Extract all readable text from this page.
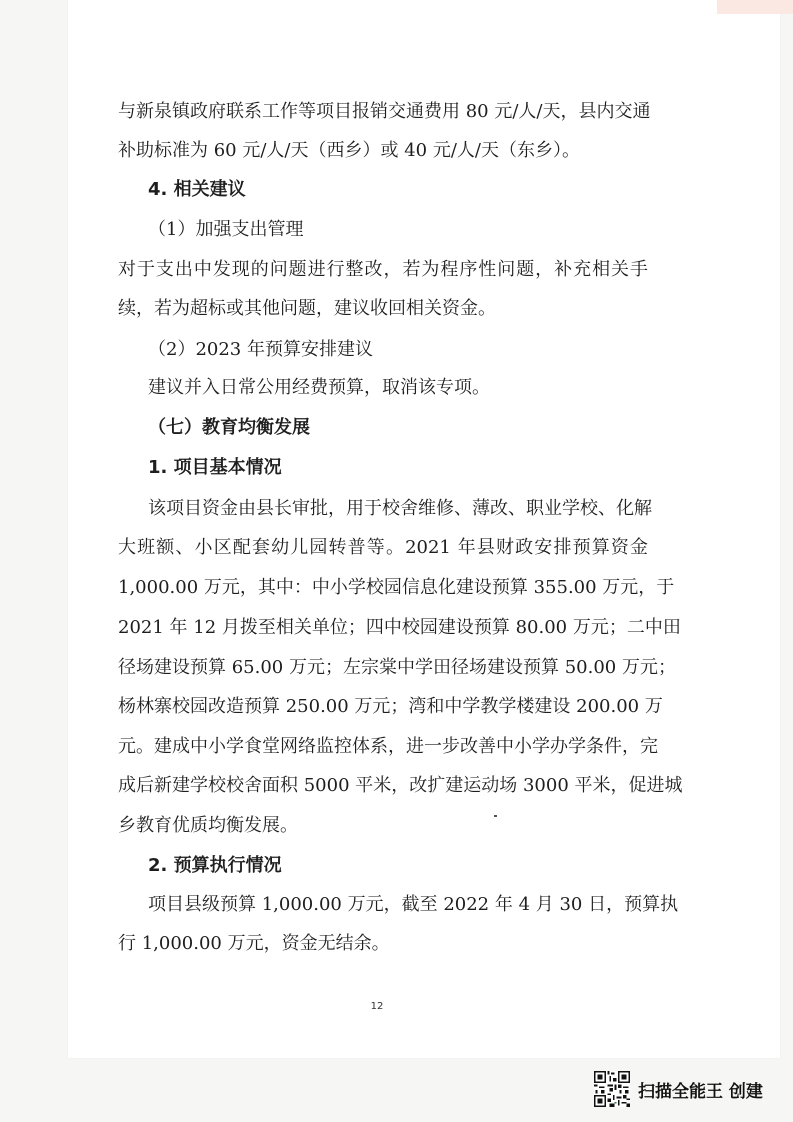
与新泉镇政府联系工作等项目报销交通费用 80 元/人/天，县内交通
补助标准为 60 元/人/天（西乡）或 40 元/人/天（东乡）。
4. 相关建议
（1）加强支出管理
对于支出中发现的问题进行整改，若为程序性问题，补充相关手
续，若为超标或其他问题，建议收回相关资金。
（2）2023 年预算安排建议
建议并入日常公用经费预算，取消该专项。
（七）教育均衡发展
1. 项目基本情况
该项目资金由县长审批，用于校舍维修、薄改、职业学校、化解
大班额、小区配套幼儿园转普等。2021 年县财政安排预算资金
1,000.00 万元，其中：中小学校园信息化建设预算 355.00 万元，于
2021 年 12 月拨至相关单位；四中校园建设预算 80.00 万元；二中田
径场建设预算 65.00 万元；左宗棠中学田径场建设预算 50.00 万元；
杨林寨校园改造预算 250.00 万元；湾和中学教学楼建设 200.00 万
元。建成中小学食堂网络监控体系，进一步改善中小学办学条件，完
成后新建学校校舍面积 5000 平米，改扩建运动场 3000 平米，促进城
乡教育优质均衡发展。
2. 预算执行情况
项目县级预算 1,000.00 万元，截至 2022 年 4 月 30 日，预算执
行 1,000.00 万元，资金无结余。
12
扫描全能王 创建
